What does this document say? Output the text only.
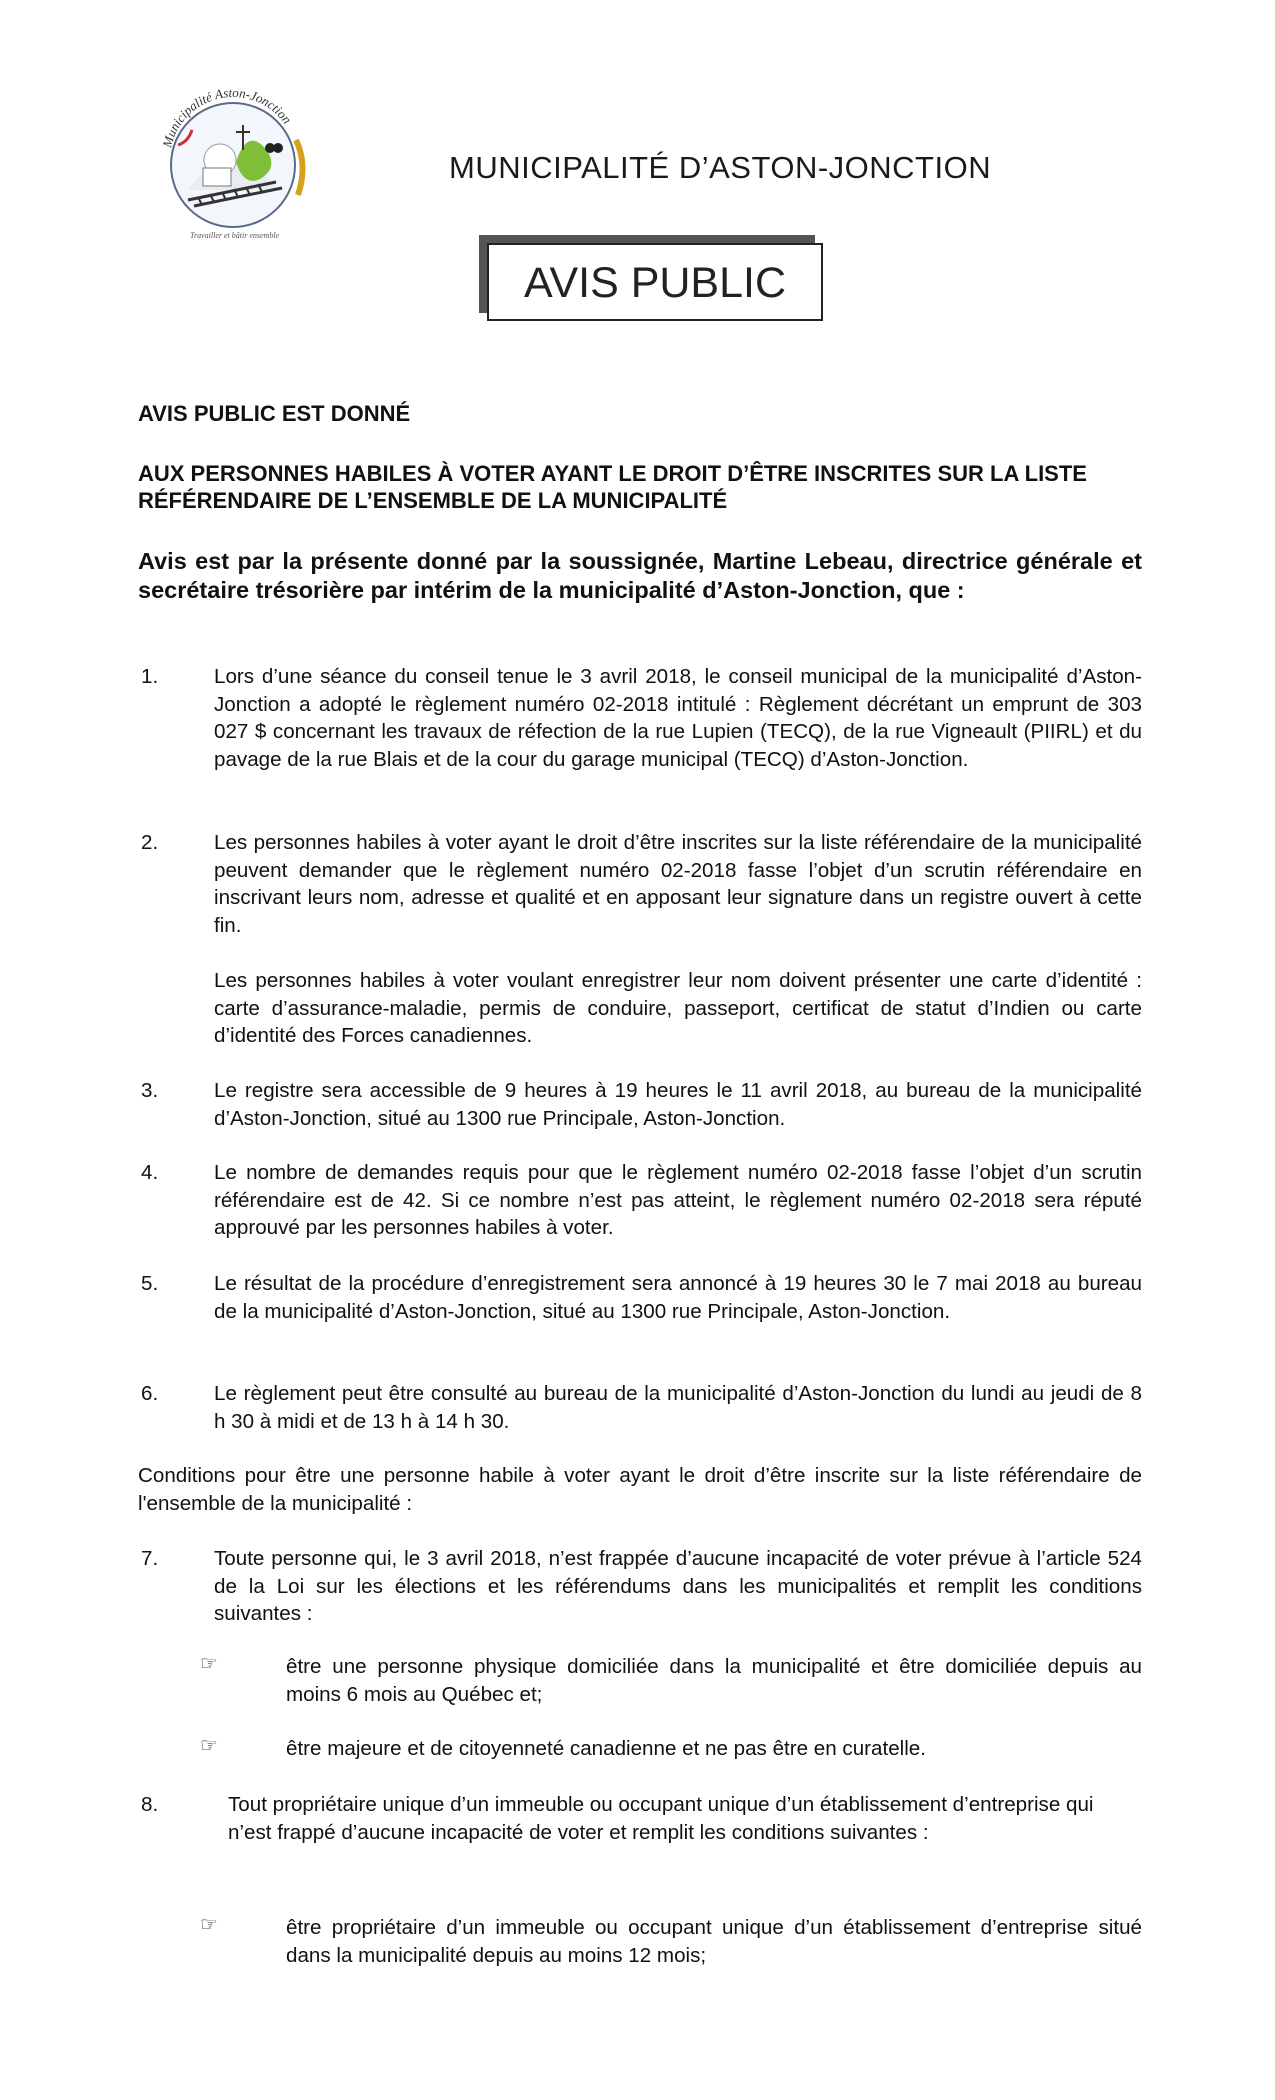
Municipalité Aston-Jonction
Travailler et bâtir ensemble
MUNICIPALITÉ D’ASTON-JONCTION
AVIS PUBLIC
AVIS PUBLIC EST DONNÉ
AUX PERSONNES HABILES À VOTER AYANT LE DROIT D’ÊTRE INSCRITES SUR LA LISTE RÉFÉRENDAIRE DE L’ENSEMBLE DE LA MUNICIPALITÉ
Avis est par la présente donné par la soussignée, Martine Lebeau, directrice générale et secrétaire trésorière par intérim de la municipalité d’Aston-Jonction, que :
1.	Lors d’une séance du conseil tenue le 3 avril 2018, le conseil municipal de la municipalité d’Aston-Jonction a adopté le règlement numéro 02-2018 intitulé : Règlement décrétant un emprunt de 303 027 $ concernant les travaux de réfection de la rue Lupien (TECQ), de la rue Vigneault (PIIRL) et du pavage de la rue Blais et de la cour du garage municipal (TECQ) d’Aston-Jonction.
2.	Les personnes habiles à voter ayant le droit d’être inscrites sur la liste référendaire de la municipalité peuvent demander que le règlement numéro 02-2018 fasse l’objet d’un scrutin référendaire en inscrivant leurs nom, adresse et qualité et en apposant leur signature dans un registre ouvert à cette fin.
Les personnes habiles à voter voulant enregistrer leur nom doivent présenter une carte d’identité : carte d’assurance-maladie, permis de conduire, passeport, certificat de statut d’Indien ou carte d’identité des Forces canadiennes.
3.	Le registre sera accessible de 9 heures à 19 heures le 11 avril 2018, au bureau de la municipalité d’Aston-Jonction, situé au 1300 rue Principale, Aston-Jonction.
4.	Le nombre de demandes requis pour que le règlement numéro 02-2018 fasse l’objet d’un scrutin référendaire est de 42. Si ce nombre n’est pas atteint, le règlement numéro 02-2018 sera réputé approuvé par les personnes habiles à voter.
5.	Le résultat de la procédure d’enregistrement sera annoncé à 19 heures 30 le 7 mai 2018 au bureau de la municipalité d’Aston-Jonction, situé au 1300 rue Principale, Aston-Jonction.
6.	Le règlement peut être consulté au bureau de la municipalité d’Aston-Jonction du lundi au jeudi de 8 h 30 à midi et de 13 h à 14 h 30.
Conditions pour être une personne habile à voter ayant le droit d’être inscrite sur la liste référendaire de l'ensemble de la municipalité :
7.	Toute personne qui, le 3 avril 2018, n’est frappée d’aucune incapacité de voter prévue à l’article 524 de la Loi sur les élections et les référendums dans les municipalités et remplit les conditions suivantes :
☞	être une personne physique domiciliée dans la municipalité et être domiciliée depuis au moins 6 mois au Québec et;
☞	être majeure et de citoyenneté canadienne et ne pas être en curatelle.
8.	Tout propriétaire unique d’un immeuble ou occupant unique d’un établissement d’entreprise qui n’est frappé d’aucune incapacité de voter et remplit les conditions suivantes :
☞	être propriétaire d’un immeuble ou occupant unique d’un établissement d’entreprise situé dans la municipalité depuis au moins 12 mois;
